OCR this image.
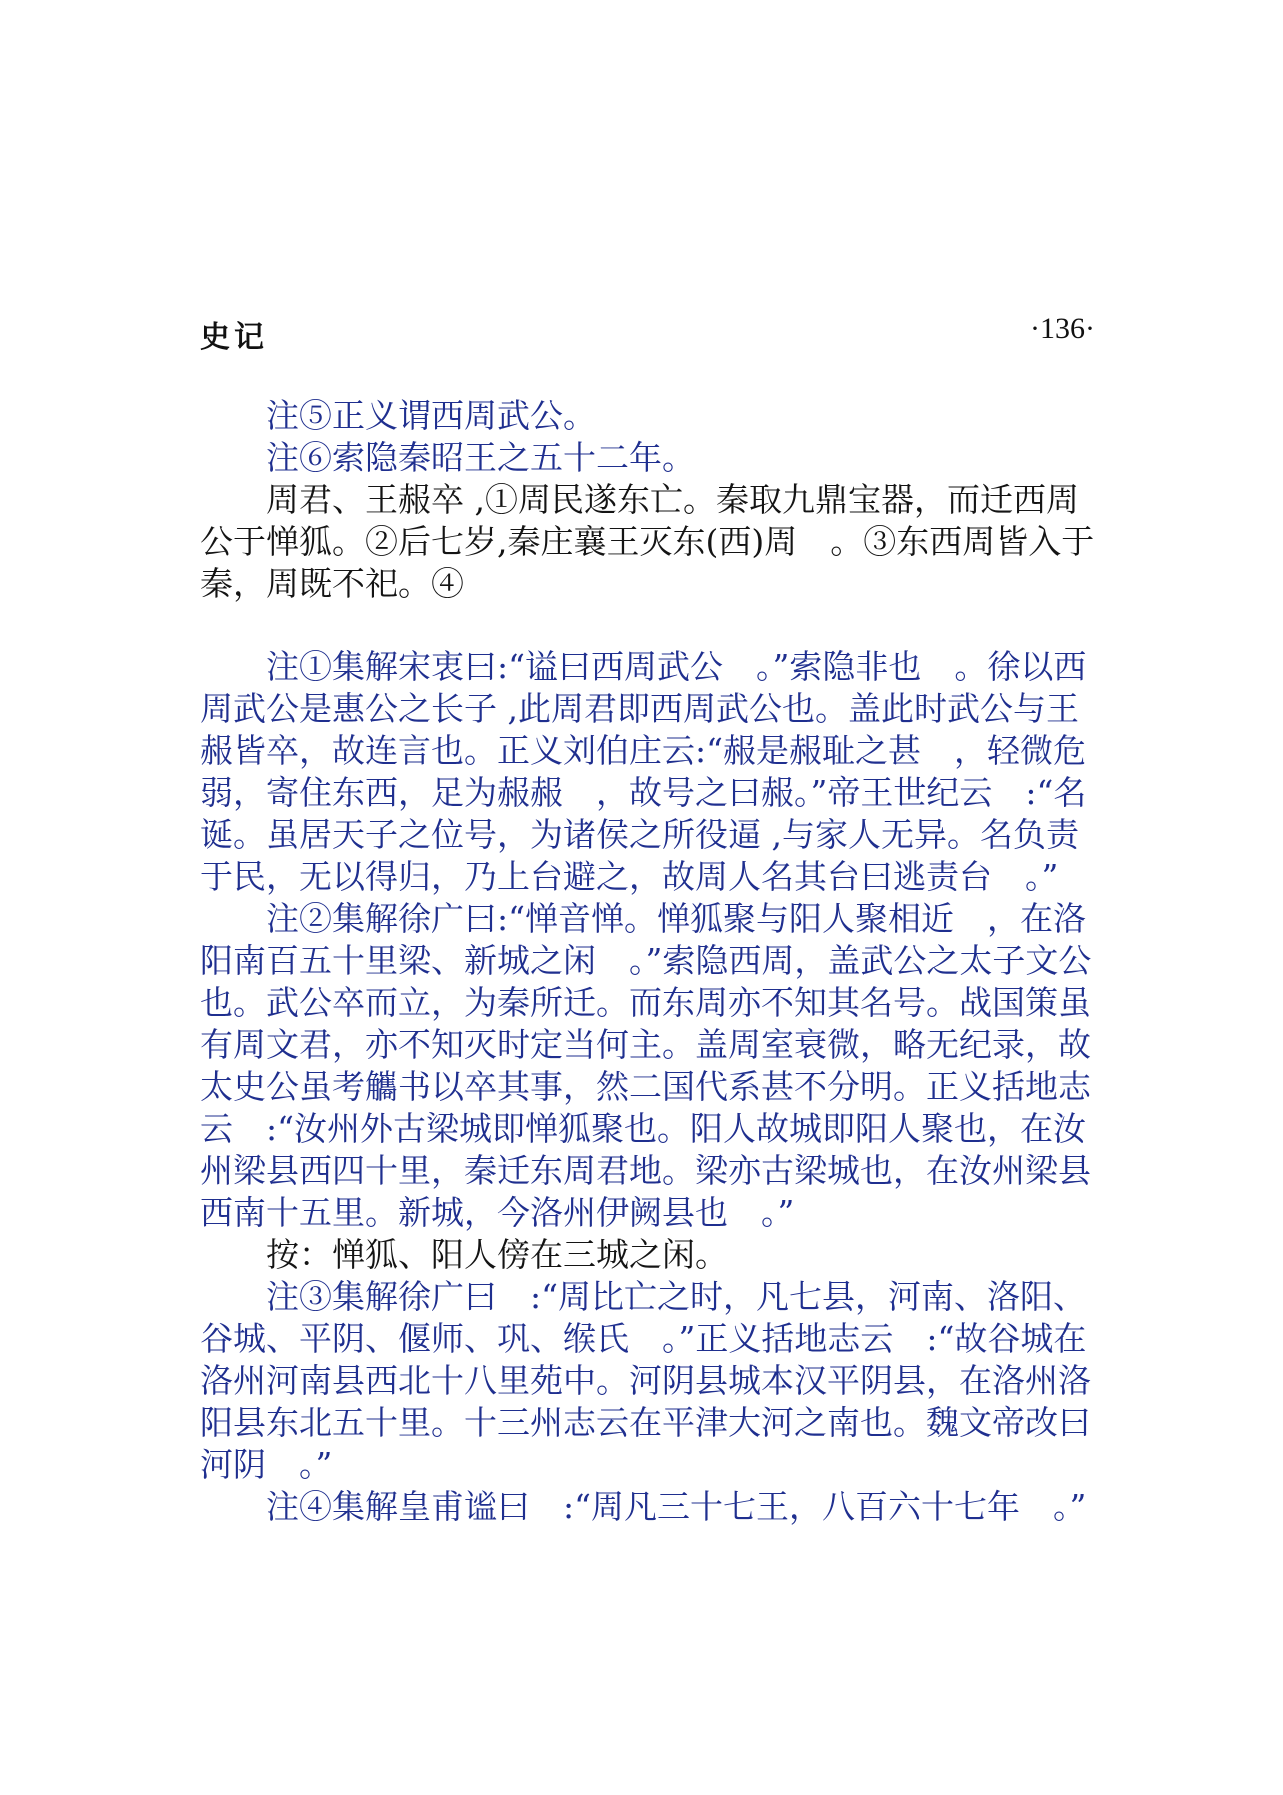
史记	·136·
　　注⑤正义谓西周武公。
　　注⑥索隐秦昭王之五十二年。
　　周君、王赧卒 ,①周民遂东亡。秦取九鼎宝器，而迁西周
公于惮狐。②后七岁,秦庄襄王灭东(西)周　。③东西周皆入于
秦，周既不祀。④
　　注①集解宋衷曰:“谥曰西周武公　。”索隐非也　。徐以西
周武公是惠公之长子 ,此周君即西周武公也。盖此时武公与王
赧皆卒，故连言也。正义刘伯庄云:“赧是赧耻之甚　，轻微危
弱，寄住东西，足为赧赧　，故号之曰赧。”帝王世纪云　:“名
诞。虽居天子之位号，为诸侯之所役逼 ,与家人无异。名负责
于民，无以得归，乃上台避之，故周人名其台曰逃责台　。”
　　注②集解徐广曰:“惮音惮。惮狐聚与阳人聚相近　，在洛
阳南百五十里梁、新城之闲　。”索隐西周，盖武公之太子文公
也。武公卒而立，为秦所迁。而东周亦不知其名号。战国策虽
有周文君，亦不知灭时定当何主。盖周室衰微，略无纪录，故
太史公虽考觿书以卒其事，然二国代系甚不分明。正义括地志
云　:“汝州外古梁城即惮狐聚也。阳人故城即阳人聚也，在汝
州梁县西四十里，秦迁东周君地。梁亦古梁城也，在汝州梁县
西南十五里。新城，今洛州伊阙县也　。”
　　按：惮狐、阳人傍在三城之闲。
　　注③集解徐广曰　:“周比亡之时，凡七县，河南、洛阳、
谷城、平阴、偃师、巩、缑氏　。”正义括地志云　:“故谷城在
洛州河南县西北十八里苑中。河阴县城本汉平阴县，在洛州洛
阳县东北五十里。十三州志云在平津大河之南也。魏文帝改曰
河阴　。”
　　注④集解皇甫谧曰　:“周凡三十七王，八百六十七年　。”
